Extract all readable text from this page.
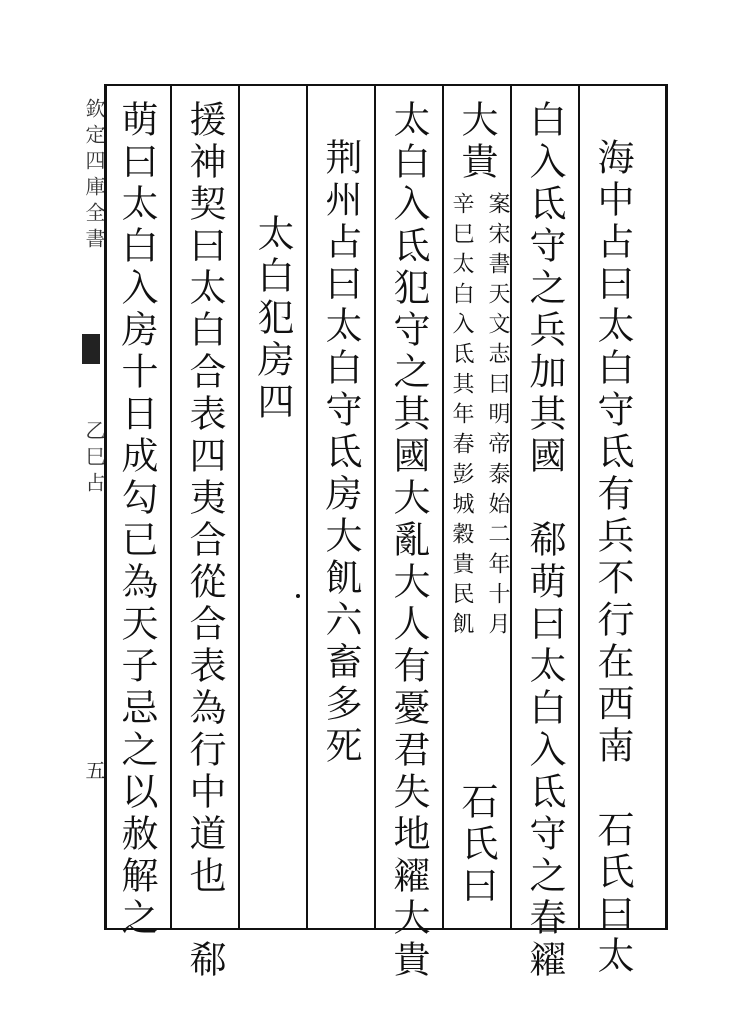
欽定四庫全書
乙巳占
五	海中占曰太白守氐有兵不行在西南　石氏曰太
白入氐守之兵加其國　郗萌曰太白入氐守之春糴
大貴
案宋書天文志曰明帝泰始二年十月
辛巳太白入氐其年春彭城穀貴民飢
石氏曰
太白入氐犯守之其國大亂大人有憂君失地糴大貴
荆州占曰太白守氐房大飢六畜多死
太白犯房四
援神契曰太白合表四夷合從合表為行中道也　郗
萌曰太白入房十日成勾已為天子忌之以赦解之
